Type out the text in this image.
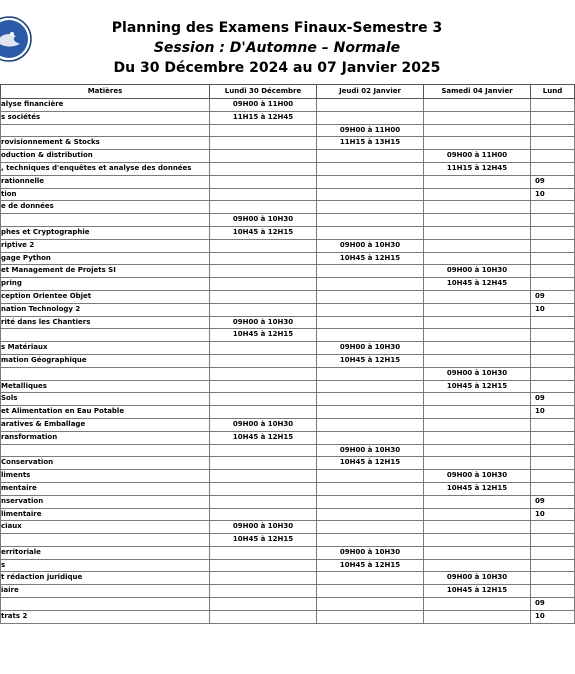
Planning des Examens Finaux-Semestre 3
Session : D'Automne – Normale
Du 30 Décembre 2024 au 07 Janvier 2025
Matières	Lundi 30 Décembre	Jeudi 02 Janvier	Samedi 04 Janvier	Lund
alyse financière	09H00 à 11H00			
s sociétés	11H15 à 12H45			
		09H00 à 11H00		
rovisionnement & Stocks		11H15 à 13H15		
oduction & distribution			09H00 à 11H00	
, techniques d'enquêtes et analyse des données			11H15 à 12H45	
rationnelle				09
tion				10
e de données				
	09H00 à 10H30			
phes et Cryptographie	10H45 à 12H15			
riptive 2		09H00 à 10H30		
gage Python		10H45 à 12H15		
et Management de Projets SI			09H00 à 10H30	
pring			10H45 à 12H45	
ception Orientee Objet				09
nation Technology 2				10
rité dans les Chantiers	09H00 à 10H30			
	10H45 à 12H15			
s Matériaux		09H00 à 10H30		
mation Géographique		10H45 à 12H15		
			09H00 à 10H30	
Metalliques			10H45 à 12H15	
Sols				09
et Alimentation en Eau Potable				10
aratives & Emballage	09H00 à 10H30			
ransformation	10H45 à 12H15			
		09H00 à 10H30		
Conservation		10H45 à 12H15		
liments			09H00 à 10H30	
mentaire			10H45 à 12H15	
nservation				09
limentaire				10
ciaux	09H00 à 10H30			
	10H45 à 12H15			
erritoriale		09H00 à 10H30		
s		10H45 à 12H15		
t rédaction juridique			09H00 à 10H30	
iaire			10H45 à 12H15	
				09
trats 2				10
